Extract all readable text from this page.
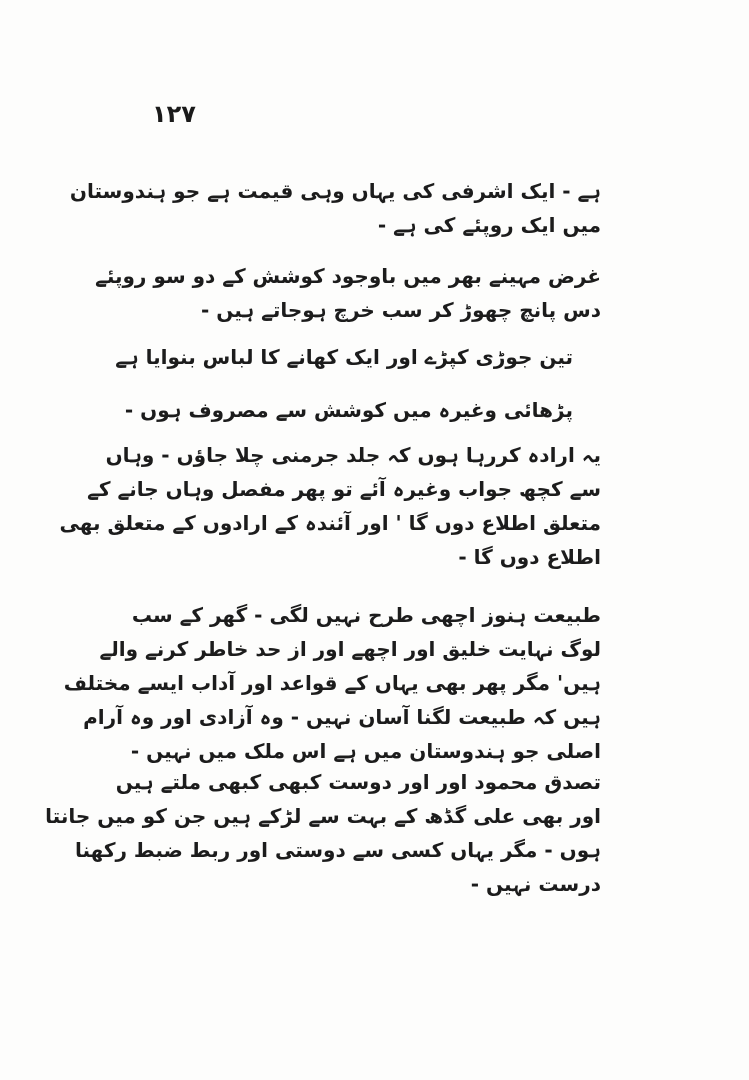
١٢٧
ہے - ایک اشرفی کی یہاں وہی قیمت ہے جو ہندوستان
میں ایک روپئے کی ہے -
غرض مہینے بھر میں باوجود کوشش کے دو سو روپئے
دس پانچ چھوڑ کر سب خرچ ہوجاتے ہیں -
تین جوڑی کپڑے اور ایک کھانے کا لباس بنوایا ہے
پڑھائی وغیرہ میں کوشش سے مصروف ہوں -
یہ ارادہ کررہا ہوں کہ جلد جرمنی چلا جاؤں - وہاں
سے کچھ جواب وغیرہ آئے تو پھر مفصل وہاں جانے کے
متعلق اطلاع دوں گا ' اور آئندہ کے ارادوں کے متعلق بھی
اطلاع دوں گا -
طبیعت ہنوز اچھی طرح نہیں لگی - گھر کے سب
لوگ نہایت خلیق اور اچھے اور از حد خاطر کرنے والے
ہیں' مگر پھر بھی یہاں کے قواعد اور آداب ایسے مختلف
ہیں کہ طبیعت لگنا آسان نہیں - وہ آزادی اور وہ آرام
اصلی جو ہندوستان میں ہے اس ملک میں نہیں -
تصدق محمود اور اور دوست کبھی کبھی ملتے ہیں
اور بھی علی گڈھ کے بہت سے لڑکے ہیں جن کو میں جانتا
ہوں - مگر یہاں کسی سے دوستی اور ربط ضبط رکھنا
درست نہیں -
